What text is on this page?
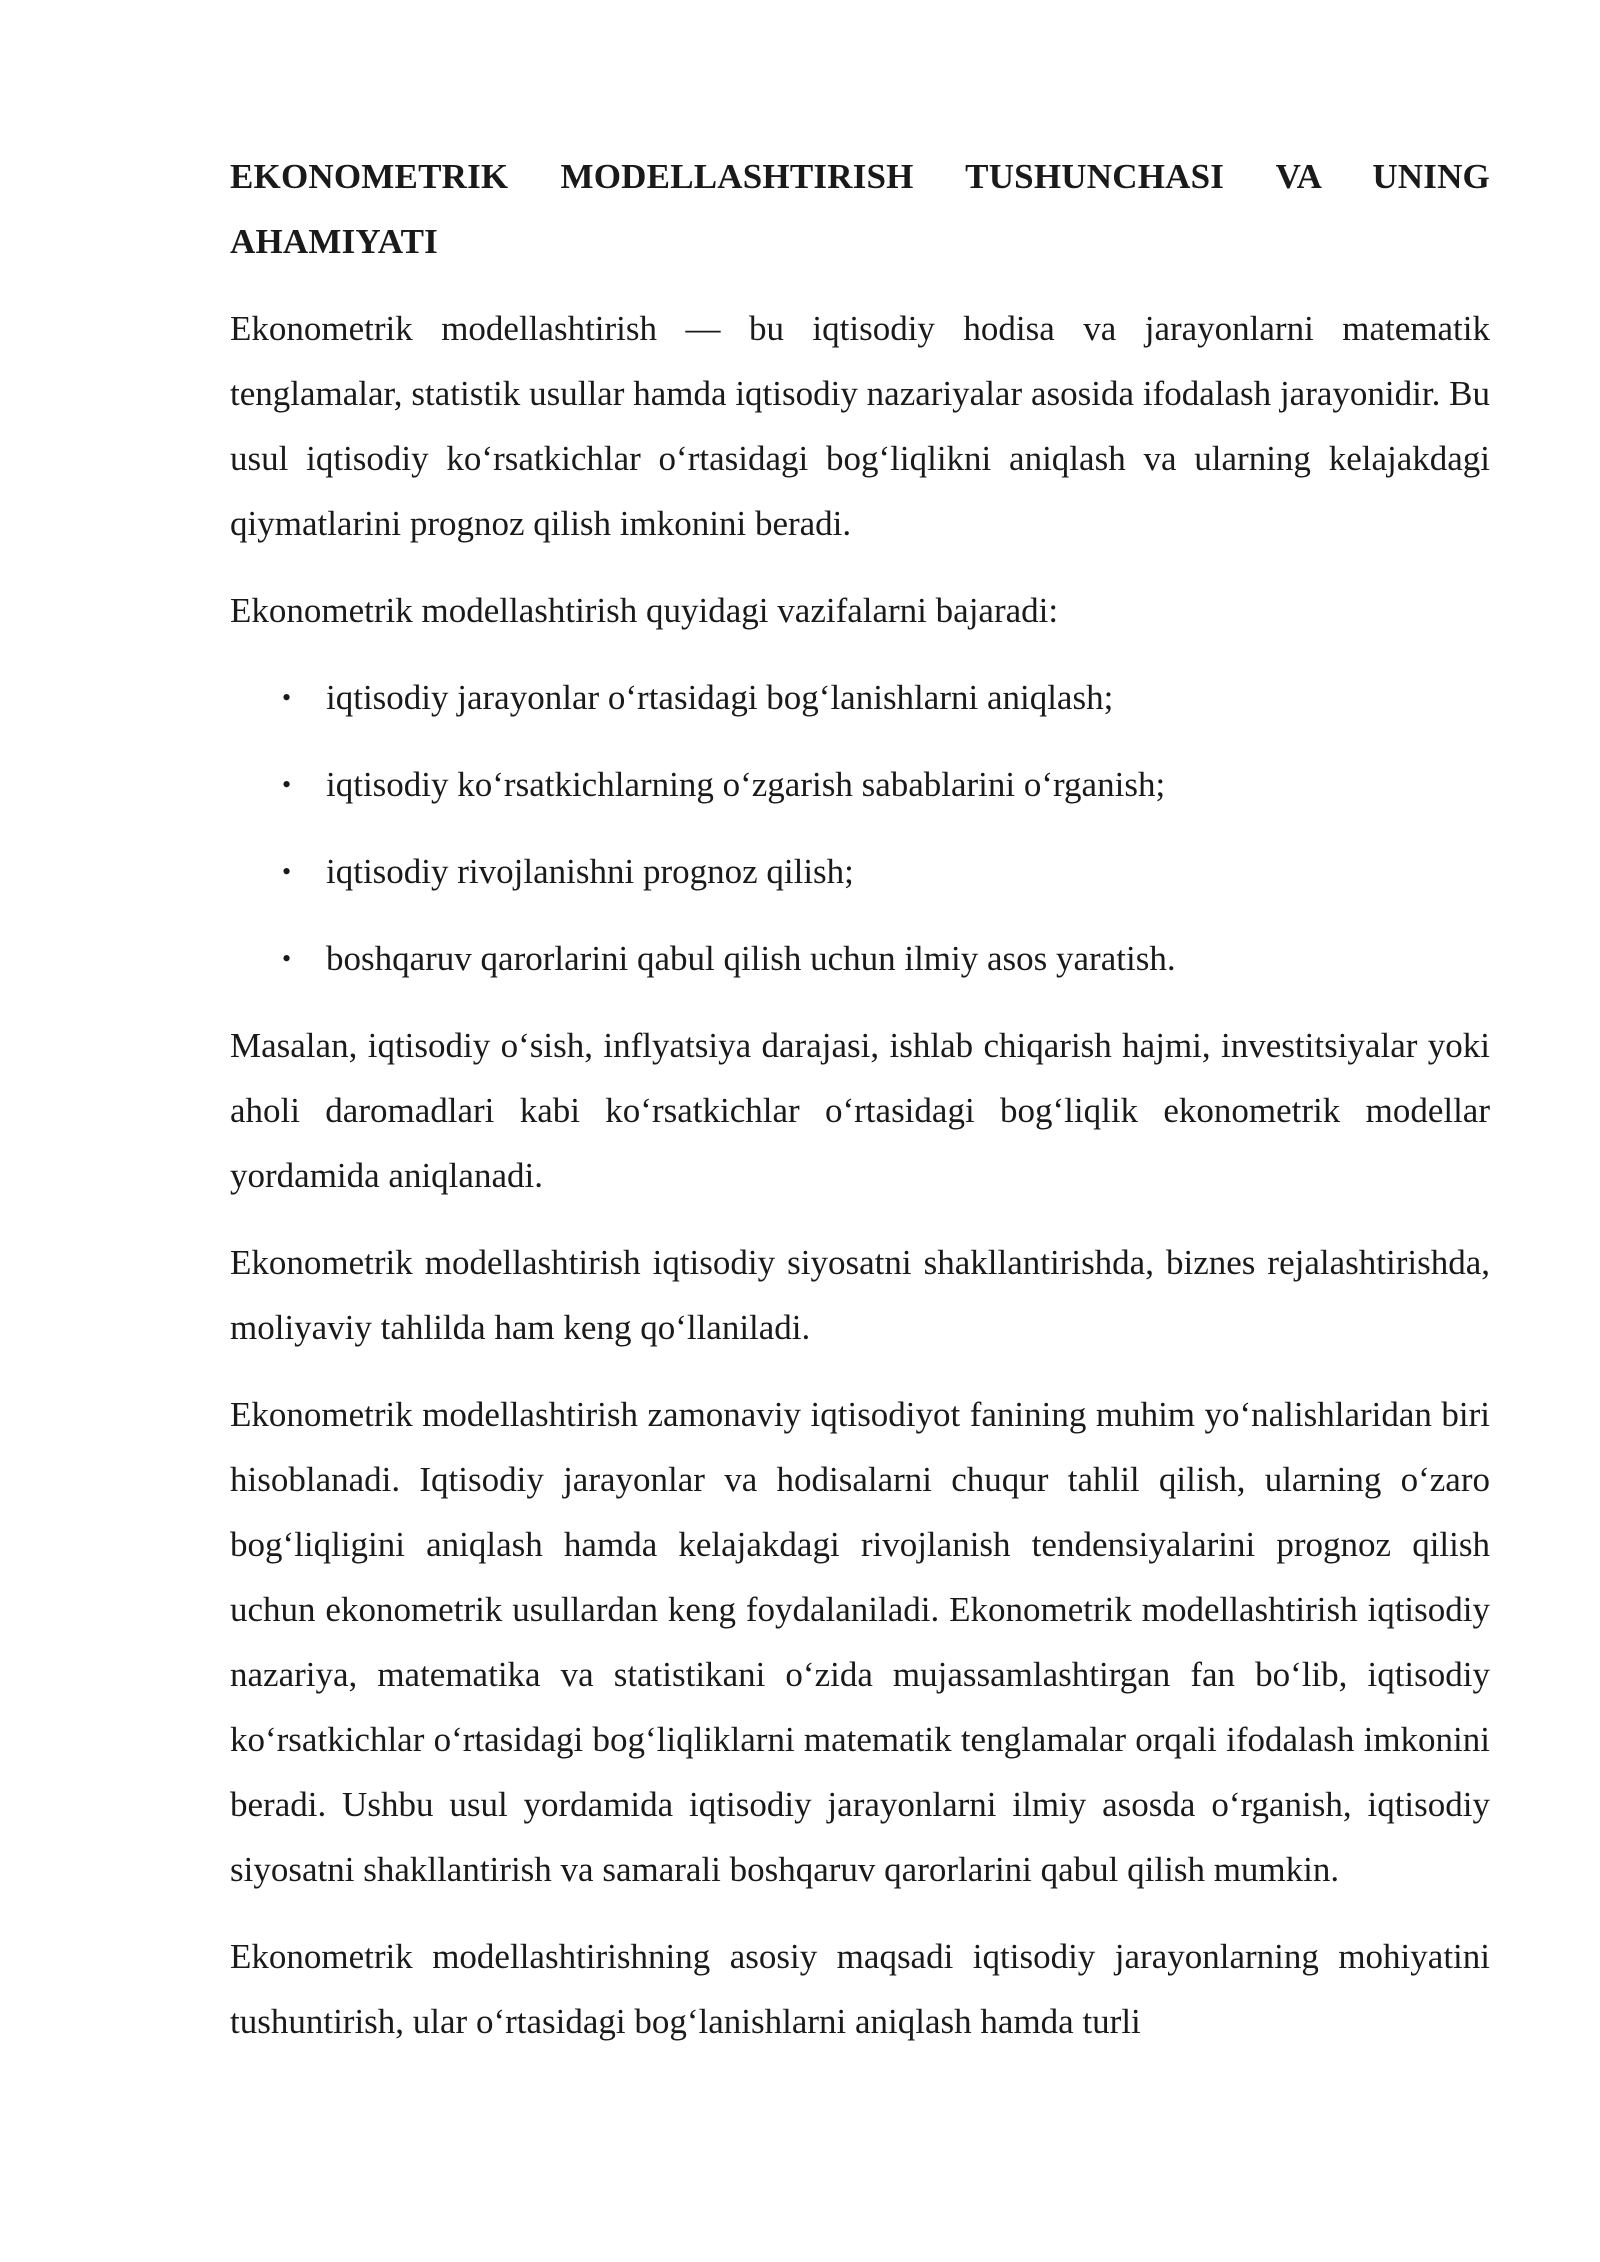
EKONOMETRIK MODELLASHTIRISH TUSHUNCHASI VA UNING AHAMIYATI

Ekonometrik modellashtirish — bu iqtisodiy hodisa va jarayonlarni matematik tenglamalar, statistik usullar hamda iqtisodiy nazariyalar asosida ifodalash jarayonidir. Bu usul iqtisodiy ko‘rsatkichlar o‘rtasidagi bog‘liqlikni aniqlash va ularning kelajakdagi qiymatlarini prognoz qilish imkonini beradi.

Ekonometrik modellashtirish quyidagi vazifalarni bajaradi:

• iqtisodiy jarayonlar o‘rtasidagi bog‘lanishlarni aniqlash;
• iqtisodiy ko‘rsatkichlarning o‘zgarish sabablarini o‘rganish;
• iqtisodiy rivojlanishni prognoz qilish;
• boshqaruv qarorlarini qabul qilish uchun ilmiy asos yaratish.

Masalan, iqtisodiy o‘sish, inflyatsiya darajasi, ishlab chiqarish hajmi, investitsiyalar yoki aholi daromadlari kabi ko‘rsatkichlar o‘rtasidagi bog‘liqlik ekonometrik modellar yordamida aniqlanadi.

Ekonometrik modellashtirish iqtisodiy siyosatni shakllantirishda, biznes rejalashtirishda, moliyaviy tahlilda ham keng qo‘llaniladi.

Ekonometrik modellashtirish zamonaviy iqtisodiyot fanining muhim yo‘nalishlaridan biri hisoblanadi. Iqtisodiy jarayonlar va hodisalarni chuqur tahlil qilish, ularning o‘zaro bog‘liqligini aniqlash hamda kelajakdagi rivojlanish tendensiyalarini prognoz qilish uchun ekonometrik usullardan keng foydalaniladi. Ekonometrik modellashtirish iqtisodiy nazariya, matematika va statistikani o‘zida mujassamlashtirgan fan bo‘lib, iqtisodiy ko‘rsatkichlar o‘rtasidagi bog‘liqliklarni matematik tenglamalar orqali ifodalash imkonini beradi. Ushbu usul yordamida iqtisodiy jarayonlarni ilmiy asosda o‘rganish, iqtisodiy siyosatni shakllantirish va samarali boshqaruv qarorlarini qabul qilish mumkin.

Ekonometrik modellashtirishning asosiy maqsadi iqtisodiy jarayonlarning mohiyatini tushuntirish, ular o‘rtasidagi bog‘lanishlarni aniqlash hamda turli
